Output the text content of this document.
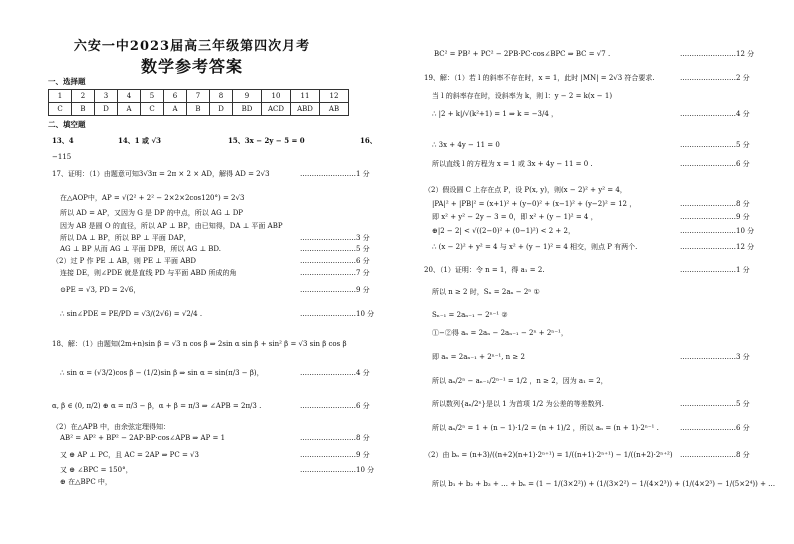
六安一中2023届高三年级第四次月考
数学参考答案
一、选择题
1	2	3	4	5	6	7	8	9	10	11	12
C	B	D	A	C	A	B	D	BD	ACD	ABD	AB
二、填空题
13、4	14、1 或 √3	15、3x − 2y − 5 = 0	16、
−115
17、证明：（1）由题意可知3√3π = 2π × 2 × AD，解得 AD = 2√3	……………………1 分
在△AOP中，AP = √(2² + 2² − 2×2×2cos120°) = 2√3
所以 AD = AP，又因为 G 是 DP 的中点，所以 AG ⊥ DP
因为 AB 是圆 O 的直径，所以 AP ⊥ BP，由已知得，DA ⊥ 平面 ABP
所以 DA ⊥ BP，所以 BP ⊥ 平面 DAP，	……………………3 分
AG ⊥ BP 从而 AG ⊥ 平面 DPB，所以 AG ⊥ BD.	……………………5 分
（2）过 P 作 PE ⊥ AB，则 PE ⊥ 平面 ABD	……………………6 分
连接 DE，则∠PDE 就是直线 PD 与平面 ABD 所成的角	……………………7 分
⊙PE = √3, PD = 2√6，	……………………9 分
∴ sin∠PDE = PE/PD = √3/(2√6) = √2/4 .	……………………10 分
18、解：（1）由题知(2m+n)sin β = √3 n cos β ⇒ 2sin α sin β + sin² β = √3 sin β cos β
∴ sin α = (√3/2)cos β − (1/2)sin β ⇒ sin α = sin(π/3 − β)，	……………………4 分
α, β ∈ (0, π/2) ⊕ α = π/3 − β，α + β = π/3 ⇒ ∠APB = 2π/3 .	……………………6 分
（2）在△APB 中，由余弦定理得知：
AB² = AP² + BP² − 2AP·BP·cos∠APB ⇒ AP = 1	……………………8 分
又 ⊕ AP ⊥ PC，且 AC = 2AP ⇒ PC = √3	……………………9 分
又 ⊕ ∠BPC = 150°，	……………………10 分
⊕ 在△BPC 中，
BC² = PB² + PC² − 2PB·PC·cos∠BPC ⇒ BC = √7 .	……………………12 分
19、解：（1）若 l 的斜率不存在时，x = 1，此时 |MN| = 2√3 符合要求.	……………………2 分
当 l 的斜率存在时，设斜率为 k，则 l：y − 2 = k(x − 1)
∴ |2 + k|/√(k²+1) = 1 ⇒ k = −3/4 ，	……………………4 分
∴ 3x + 4y − 11 = 0	……………………5 分
所以直线 l 的方程为 x = 1 或 3x + 4y − 11 = 0 .	……………………6 分
（2）假设圆 C 上存在点 P，设 P(x, y)，则(x − 2)² + y² = 4，
|PA|² + |PB|² = (x+1)² + (y−0)² + (x−1)² + (y−2)² = 12 ，	……………………8 分
即 x² + y² − 2y − 3 = 0，即 x² + (y − 1)² = 4 ，	……………………9 分
⊕|2 − 2| < √((2−0)² + (0−1)²) < 2 + 2，	……………………10 分
∴ (x − 2)² + y² = 4 与 x² + (y − 1)² = 4 相交，则点 P 有两个.	……………………12 分
20、（1）证明：令 n = 1，得 a₁ = 2.	……………………1 分
所以 n ≥ 2 时，Sₙ = 2aₙ − 2ⁿ ①
Sₙ₋₁ = 2aₙ₋₁ − 2ⁿ⁻¹ ②
①−②得 aₙ = 2aₙ − 2aₙ₋₁ − 2ⁿ + 2ⁿ⁻¹，
即 aₙ = 2aₙ₋₁ + 2ⁿ⁻¹, n ≥ 2	……………………3 分
所以 aₙ/2ⁿ − aₙ₋₁/2ⁿ⁻¹ = 1/2 ，n ≥ 2，因为 a₁ = 2，
所以数列{aₙ/2ⁿ}是以 1 为首项 1/2 为公差的等差数列.	……………………5 分
所以 aₙ/2ⁿ = 1 + (n − 1)·1/2 = (n + 1)/2 ，所以 aₙ = (n + 1)·2ⁿ⁻¹ .	……………………6 分
（2）由 bₙ = (n+3)/((n+2)(n+1)·2ⁿ⁺¹) = 1/((n+1)·2ⁿ⁺¹) − 1/((n+2)·2ⁿ⁺²) ……………………8 分
所以 b₁ + b₂ + b₃ + … + bₙ = (1 − 1/(3×2²)) + (1/(3×2²) − 1/(4×2³)) + (1/(4×2³) − 1/(5×2⁴)) + …
